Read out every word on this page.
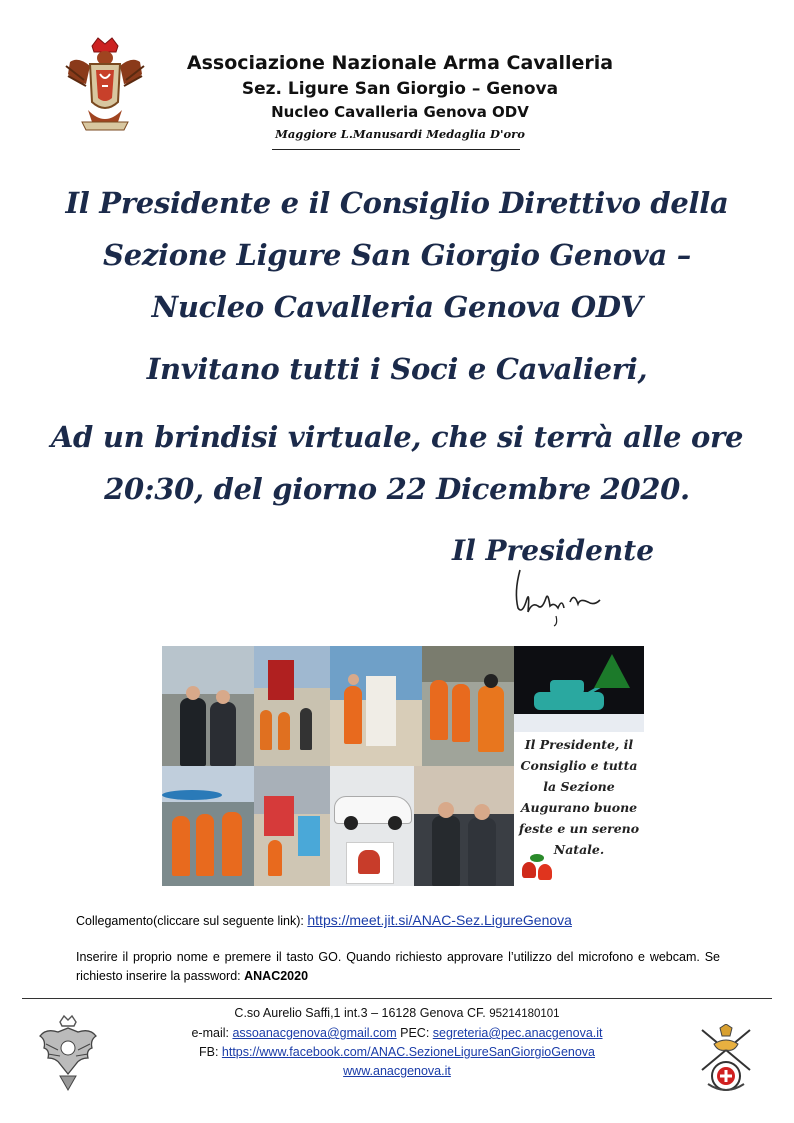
Associazione Nazionale Arma Cavalleria
Sez. Ligure San Giorgio – Genova
Nucleo Cavalleria Genova ODV
Maggiore L.Manusardi Medaglia D'oro
Il Presidente e il Consiglio Direttivo della
Sezione Ligure San Giorgio Genova –
Nucleo Cavalleria Genova ODV
Invitano tutti i Soci e Cavalieri,
Ad un brindisi virtuale, che si terrà alle ore
20:30, del giorno 22 Dicembre 2020.
Il Presidente
Il Presidente, il
Consiglio e tutta
la Sezione
Augurano buone
feste e un sereno
Natale.
Collegamento(cliccare sul seguente link): https://meet.jit.si/ANAC-Sez.LigureGenova
Inserire il proprio nome e premere il tasto GO. Quando richiesto approvare l’utilizzo del microfono e webcam. Se richiesto inserire la password: ANAC2020
C.so Aurelio Saffi,1 int.3 – 16128 Genova CF. 95214180101
e-mail: assoanacgenova@gmail.com PEC: segreteria@pec.anacgenova.it
FB: https://www.facebook.com/ANAC.SezioneLigureSanGiorgioGenova
www.anacgenova.it
